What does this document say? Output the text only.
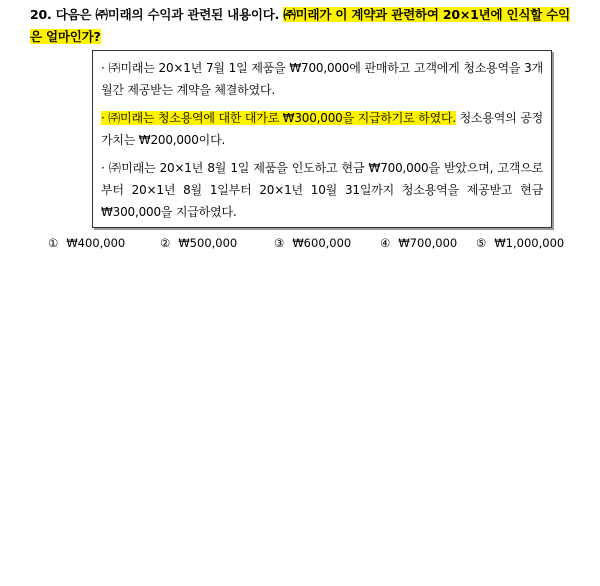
20. 다음은 ㈜미래의 수익과 관련된 내용이다. ㈜미래가 이 계약과 관련하여 20×1년에 인식할 수익은 얼마인가?
· ㈜미래는 20×1년 7월 1일 제품을 ₩700,000에 판매하고 고객에게 청소용역을 3개월간 제공받는 계약을 체결하였다.
· ㈜미래는 청소용역에 대한 대가로 ₩300,000을 지급하기로 하였다. 청소용역의 공정가치는 ₩200,000이다.
· ㈜미래는 20×1년 8월 1일 제품을 인도하고 현금 ₩700,000을 받았으며, 고객으로부터 20×1년 8월 1일부터 20×1년 10월 31일까지 청소용역을 제공받고 현금 ₩300,000을 지급하였다.
① ₩400,000	② ₩500,000	③ ₩600,000	④ ₩700,000 ⑤ ₩1,000,000
